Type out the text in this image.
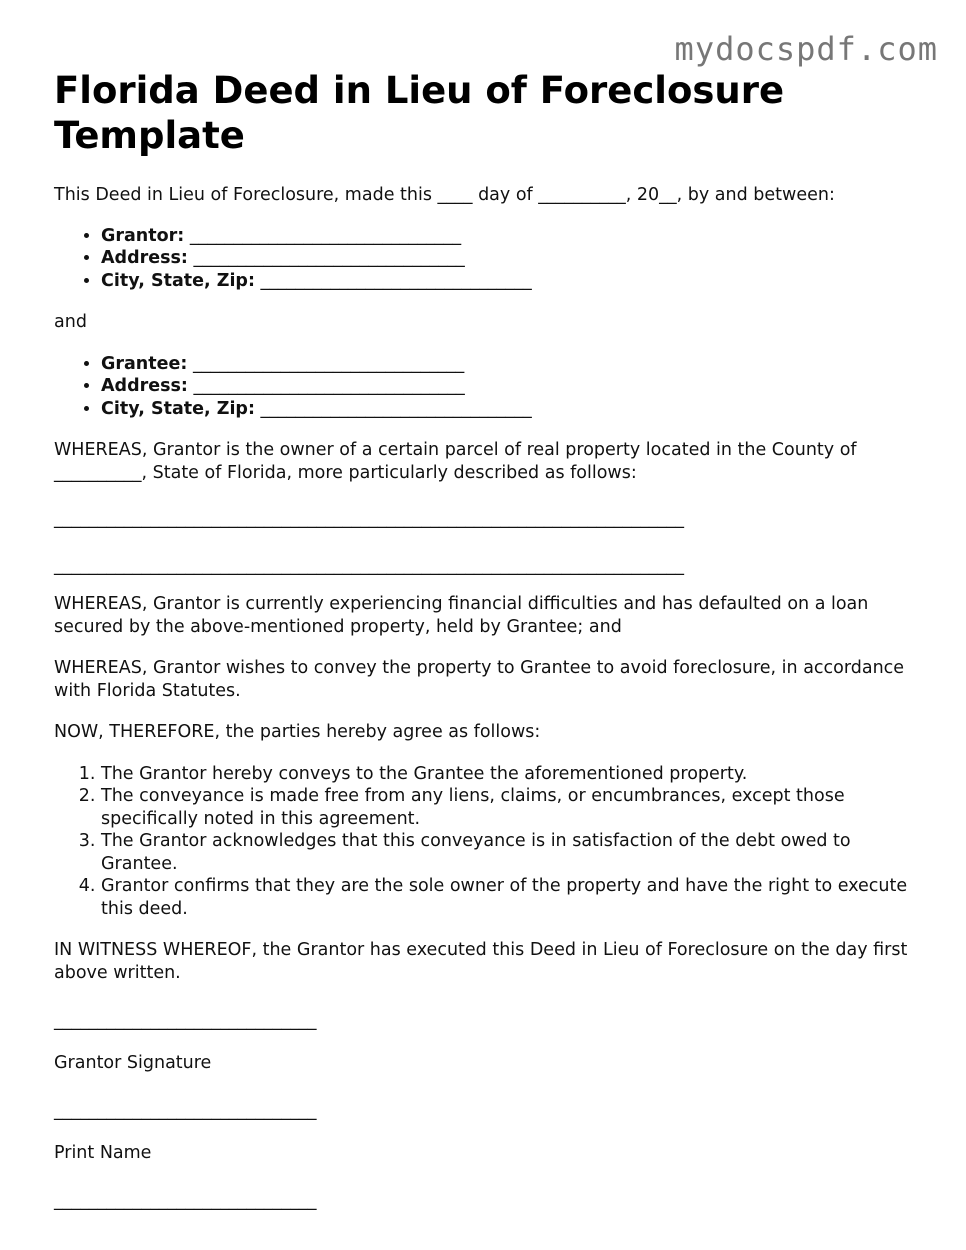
mydocspdf.com
Florida Deed in Lieu of Foreclosure Template

This Deed in Lieu of Foreclosure, made this ____ day of __________, 20__, by and between:

• Grantor: _______________________________
• Address: _______________________________
• City, State, Zip: _______________________________

and

• Grantee: _______________________________
• Address: _______________________________
• City, State, Zip: _______________________________

WHEREAS, Grantor is the owner of a certain parcel of real property located in the County of __________, State of Florida, more particularly described as follows:

________________________________________________________________________
________________________________________________________________________

WHEREAS, Grantor is currently experiencing financial difficulties and has defaulted on a loan secured by the above-mentioned property, held by Grantee; and

WHEREAS, Grantor wishes to convey the property to Grantee to avoid foreclosure, in accordance with Florida Statutes.

NOW, THEREFORE, the parties hereby agree as follows:

1. The Grantor hereby conveys to the Grantee the aforementioned property.
2. The conveyance is made free from any liens, claims, or encumbrances, except those specifically noted in this agreement.
3. The Grantor acknowledges that this conveyance is in satisfaction of the debt owed to Grantee.
4. Grantor confirms that they are the sole owner of the property and have the right to execute this deed.

IN WITNESS WHEREOF, the Grantor has executed this Deed in Lieu of Foreclosure on the day first above written.

______________________________

Grantor Signature

______________________________

Print Name

______________________________
